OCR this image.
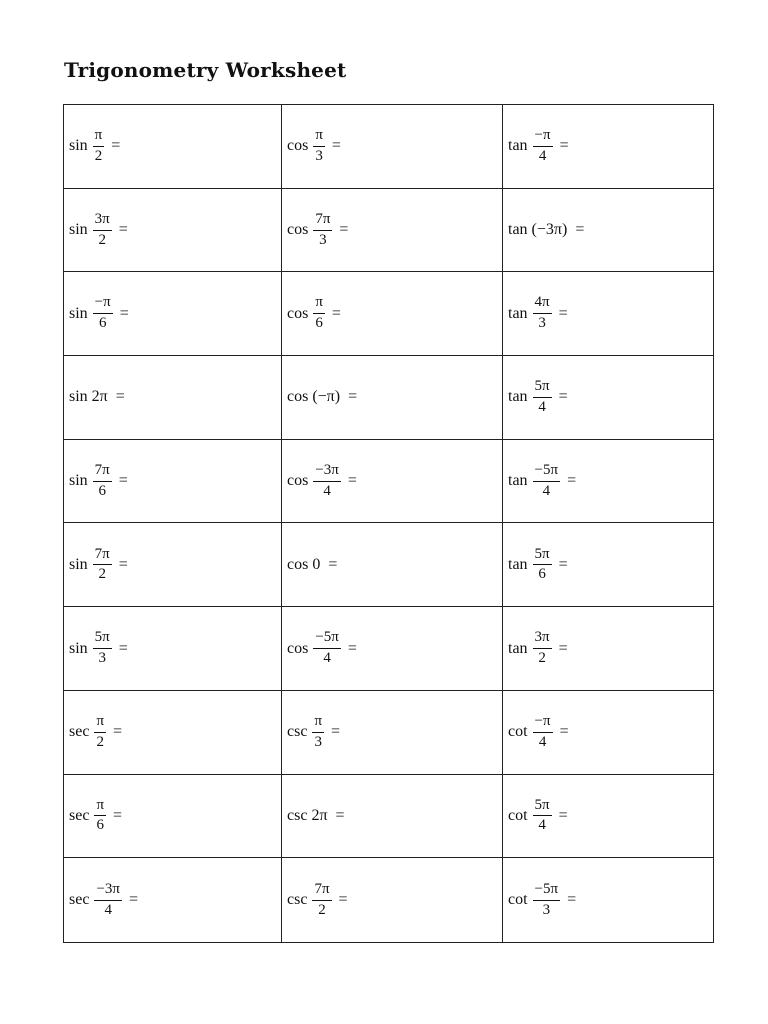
Trigonometry Worksheet
$\sin \frac{\pi}{2}$ =	$\cos \frac{\pi}{3}$ =	$\tan \frac{-\pi}{4}$ =
$\sin \frac{3\pi}{2}$ =	$\cos \frac{7\pi}{3}$ =	tan (−3π) =
$\sin \frac{-\pi}{6}$ =	$\cos \frac{\pi}{6}$ =	$\tan \frac{4\pi}{3}$ =
sin 2π =	cos (−π) =	$\tan \frac{5\pi}{4}$ =
$\sin \frac{7\pi}{6}$ =	$\cos \frac{-3\pi}{4}$ =	$\tan \frac{-5\pi}{4}$ =
$\sin \frac{7\pi}{2}$ =	cos 0 =	$\tan \frac{5\pi}{6}$ =
$\sin \frac{5\pi}{3}$ =	$\cos \frac{-5\pi}{4}$ =	$\tan \frac{3\pi}{2}$ =
$\sec \frac{\pi}{2}$ =	$\csc \frac{\pi}{3}$ =	$\cot \frac{-\pi}{4}$ =
$\sec \frac{\pi}{6}$ =	csc 2π =	$\cot \frac{5\pi}{4}$ =
$\sec \frac{-3\pi}{4}$ =	$\csc \frac{7\pi}{2}$ =	$\cot \frac{-5\pi}{3}$ =
